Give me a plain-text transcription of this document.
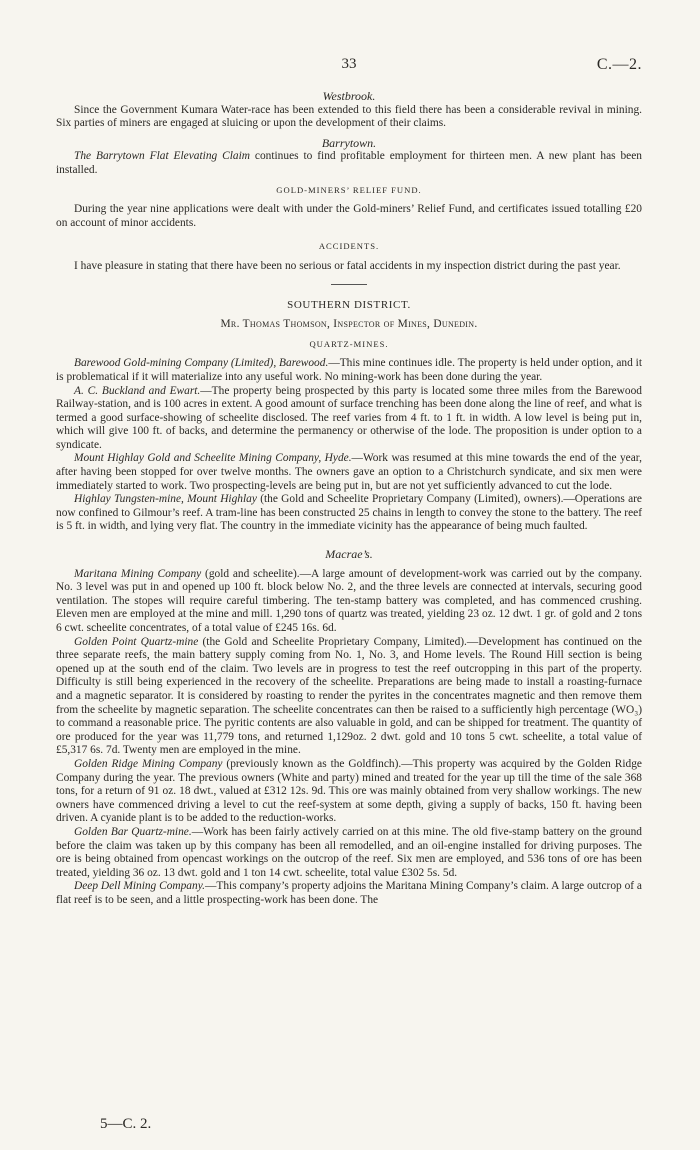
33	C.—2.
Westbrook.

Since the Government Kumara Water-race has been extended to this field there has been a considerable revival in mining. Six parties of miners are engaged at sluicing or upon the development of their claims.

Barrytown.

The Barrytown Flat Elevating Claim continues to find profitable employment for thirteen men. A new plant has been installed.

GOLD-MINERS’ RELIEF FUND.

During the year nine applications were dealt with under the Gold-miners’ Relief Fund, and certificates issued totalling £20 on account of minor accidents.

ACCIDENTS.

I have pleasure in stating that there have been no serious or fatal accidents in my inspection district during the past year.

SOUTHERN DISTRICT.
Mr. Thomas Thomson, Inspector of Mines, Dunedin.
QUARTZ-MINES.

Barewood Gold-mining Company (Limited), Barewood.—This mine continues idle. The property is held under option, and it is problematical if it will materialize into any useful work. No mining-work has been done during the year.

A. C. Buckland and Ewart.—The property being prospected by this party is located some three miles from the Barewood Railway-station, and is 100 acres in extent. A good amount of surface trenching has been done along the line of reef, and what is termed a good surface-showing of scheelite disclosed. The reef varies from 4 ft. to 1 ft. in width. A low level is being put in, which will give 100 ft. of backs, and determine the permanency or otherwise of the lode. The proposition is under option to a syndicate.

Mount Highlay Gold and Scheelite Mining Company, Hyde.—Work was resumed at this mine towards the end of the year, after having been stopped for over twelve months. The owners gave an option to a Christchurch syndicate, and six men were immediately started to work. Two prospecting-levels are being put in, but are not yet sufficiently advanced to cut the lode.

Highlay Tungsten-mine, Mount Highlay (the Gold and Scheelite Proprietary Company (Limited), owners).—Operations are now confined to Gilmour’s reef. A tram-line has been constructed 25 chains in length to convey the stone to the battery. The reef is 5 ft. in width, and lying very flat. The country in the immediate vicinity has the appearance of being much faulted.

Macrae’s.

Maritana Mining Company (gold and scheelite).—A large amount of development-work was carried out by the company. No. 3 level was put in and opened up 100 ft. block below No. 2, and the three levels are connected at intervals, securing good ventilation. The stopes will require careful timbering. The ten-stamp battery was completed, and has commenced crushing. Eleven men are employed at the mine and mill. 1,290 tons of quartz was treated, yielding 23 oz. 12 dwt. 1 gr. of gold and 2 tons 6 cwt. scheelite concentrates, of a total value of £245 16s. 6d.

Golden Point Quartz-mine (the Gold and Scheelite Proprietary Company, Limited).—Development has continued on the three separate reefs, the main battery supply coming from No. 1, No. 3, and Home levels. The Round Hill section is being opened up at the south end of the claim. Two levels are in progress to test the reef outcropping in this part of the property. Difficulty is still being experienced in the recovery of the scheelite. Preparations are being made to install a roasting-furnace and a magnetic separator. It is considered by roasting to render the pyrites in the concentrates magnetic and then remove them from the scheelite by magnetic separation. The scheelite concentrates can then be raised to a sufficiently high percentage (WO₃) to command a reasonable price. The pyritic contents are also valuable in gold, and can be shipped for treatment. The quantity of ore produced for the year was 11,779 tons, and returned 1,129oz. 2 dwt. gold and 10 tons 5 cwt. scheelite, a total value of £5,317 6s. 7d. Twenty men are employed in the mine.

Golden Ridge Mining Company (previously known as the Goldfinch).—This property was acquired by the Golden Ridge Company during the year. The previous owners (White and party) mined and treated for the year up till the time of the sale 368 tons, for a return of 91 oz. 18 dwt., valued at £312 12s. 9d. This ore was mainly obtained from very shallow workings. The new owners have commenced driving a level to cut the reef-system at some depth, giving a supply of backs, 150 ft. having been driven. A cyanide plant is to be added to the reduction-works.

Golden Bar Quartz-mine.—Work has been fairly actively carried on at this mine. The old five-stamp battery on the ground before the claim was taken up by this company has been all remodelled, and an oil-engine installed for driving purposes. The ore is being obtained from opencast workings on the outcrop of the reef. Six men are employed, and 536 tons of ore has been treated, yielding 36 oz. 13 dwt. gold and 1 ton 14 cwt. scheelite, total value £302 5s. 5d.

Deep Dell Mining Company.—This company’s property adjoins the Maritana Mining Company’s claim. A large outcrop of a flat reef is to be seen, and a little prospecting-work has been done. The

5—C. 2.
